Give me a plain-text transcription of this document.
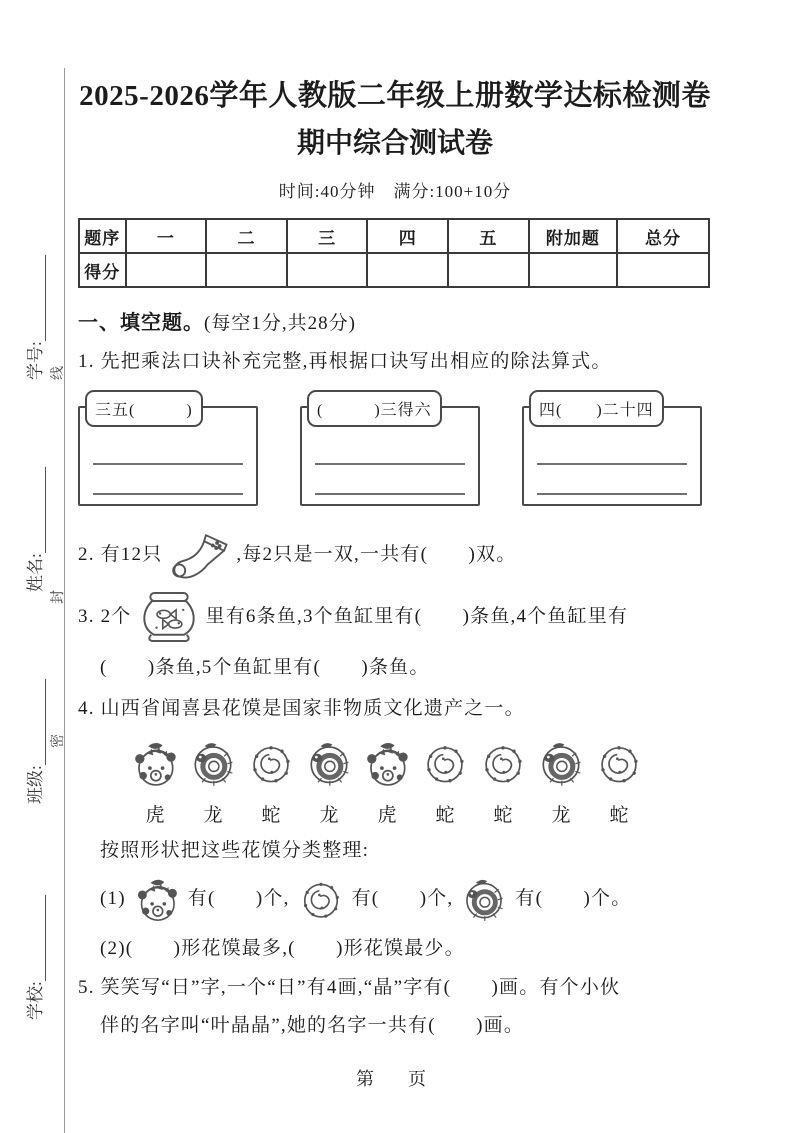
学号:
姓名:
班级:
学校:
线
封
密
2025-2026学年人教版二年级上册数学达标检测卷
期中综合测试卷
时间:40分钟　满分:100+10分
题序	一	二	三	四	五	附加题	总分
得分							
一、填空题。(每空1分,共28分)
1. 先把乘法口诀补充完整,再根据口诀写出相应的除法算式。
三五(　　　)	(　　　)三得六	四(　　)二十四
2. 有12只	,每2只是一双,一共有(　　)双。
3. 2个	里有6条鱼,3个鱼缸里有(　　)条鱼,4个鱼缸里有
(　　)条鱼,5个鱼缸里有(　　)条鱼。
4. 山西省闻喜县花馍是国家非物质文化遗产之一。
虎	龙	蛇	龙	虎	蛇	蛇	龙	蛇
按照形状把这些花馍分类整理:
(1)	有(　　)个,	有(　　)个,	有(　　)个。
(2)(　　)形花馍最多,(　　)形花馍最少。
5. 笑笑写“日”字,一个“日”有4画,“晶”字有(　　)画。有个小伙
伴的名字叫“叶晶晶”,她的名字一共有(　　)画。
第　页
